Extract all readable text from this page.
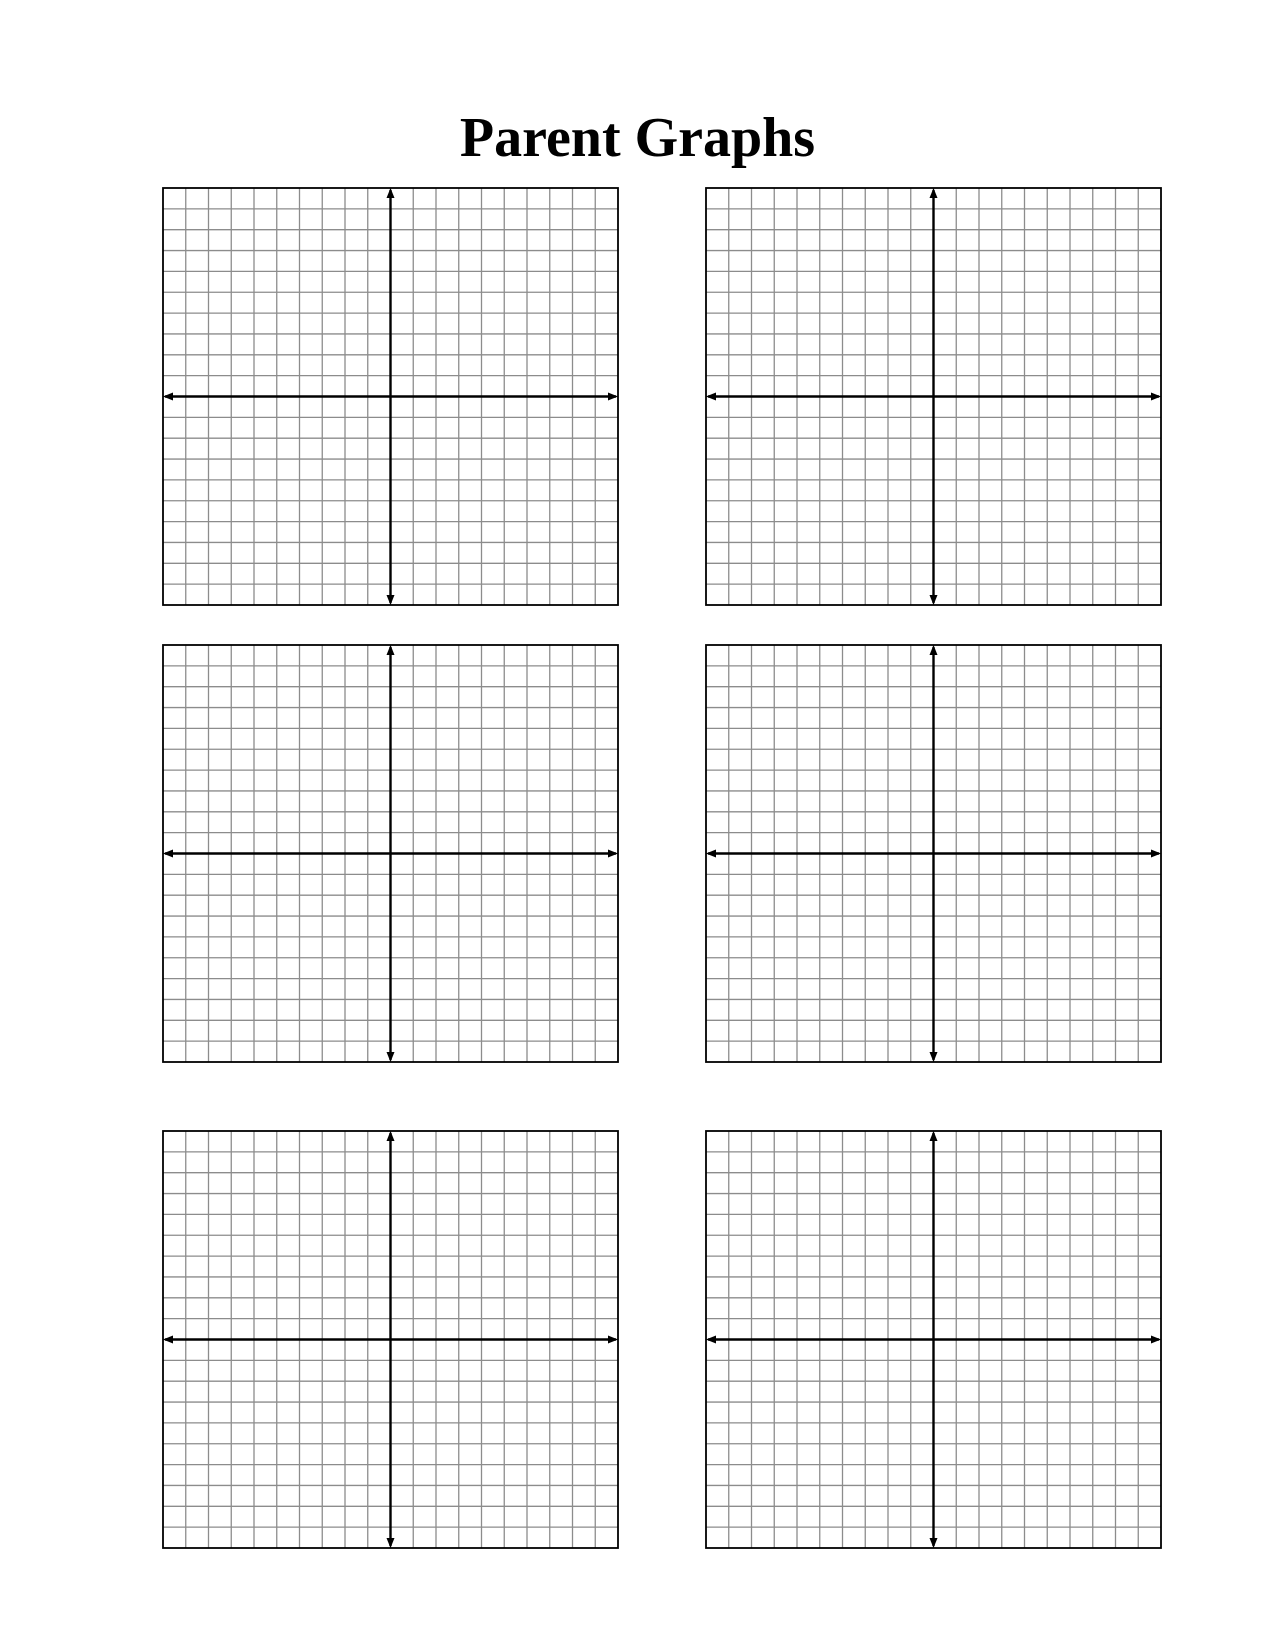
Parent Graphs
